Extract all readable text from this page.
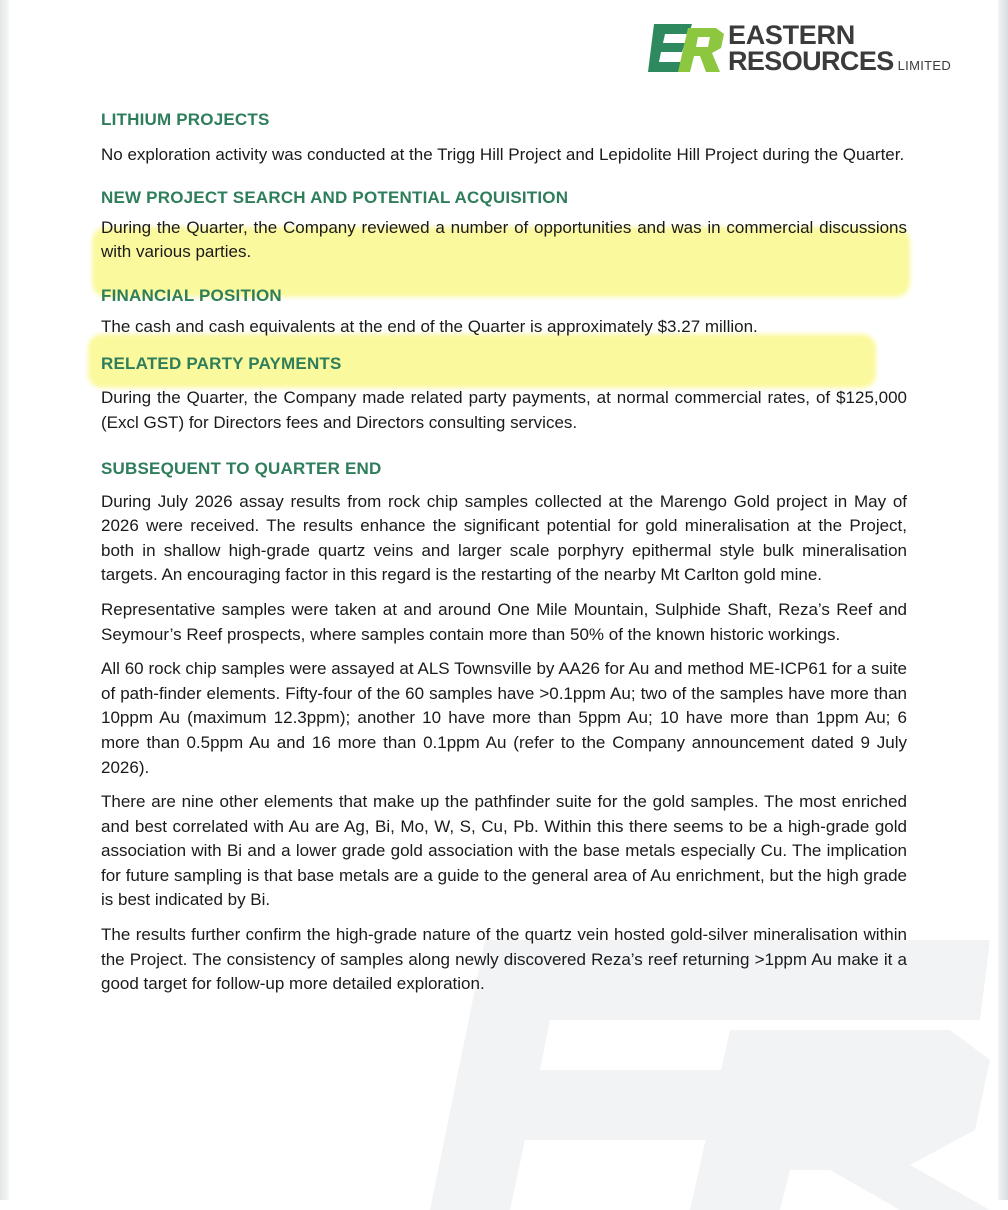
EASTERN
RESOURCES LIMITED
LITHIUM PROJECTS

No exploration activity was conducted at the Trigg Hill Project and Lepidolite Hill Project during the Quarter.

NEW PROJECT SEARCH AND POTENTIAL ACQUISITION

During the Quarter, the Company reviewed a number of opportunities and was in commercial discussions with various parties.

FINANCIAL POSITION

The cash and cash equivalents at the end of the Quarter is approximately $3.27 million.

RELATED PARTY PAYMENTS

During the Quarter, the Company made related party payments, at normal commercial rates, of $125,000 (Excl GST) for Directors fees and Directors consulting services.

SUBSEQUENT TO QUARTER END

During July 2026 assay results from rock chip samples collected at the Marengo Gold project in May of 2026 were received. The results enhance the significant potential for gold mineralisation at the Project, both in shallow high-grade quartz veins and larger scale porphyry epithermal style bulk mineralisation targets. An encouraging factor in this regard is the restarting of the nearby Mt Carlton gold mine.

Representative samples were taken at and around One Mile Mountain, Sulphide Shaft, Reza’s Reef and Seymour’s Reef prospects, where samples contain more than 50% of the known historic workings.

All 60 rock chip samples were assayed at ALS Townsville by AA26 for Au and method ME-ICP61 for a suite of path-finder elements. Fifty-four of the 60 samples have >0.1ppm Au; two of the samples have more than 10ppm Au (maximum 12.3ppm); another 10 have more than 5ppm Au; 10 have more than 1ppm Au; 6 more than 0.5ppm Au and 16 more than 0.1ppm Au (refer to the Company announcement dated 9 July 2026).

There are nine other elements that make up the pathfinder suite for the gold samples. The most enriched and best correlated with Au are Ag, Bi, Mo, W, S, Cu, Pb. Within this there seems to be a high-grade gold association with Bi and a lower grade gold association with the base metals especially Cu. The implication for future sampling is that base metals are a guide to the general area of Au enrichment, but the high grade is best indicated by Bi.

The results further confirm the high-grade nature of the quartz vein hosted gold-silver mineralisation within the Project. The consistency of samples along newly discovered Reza’s reef returning >1ppm Au make it a good target for follow-up more detailed exploration.
